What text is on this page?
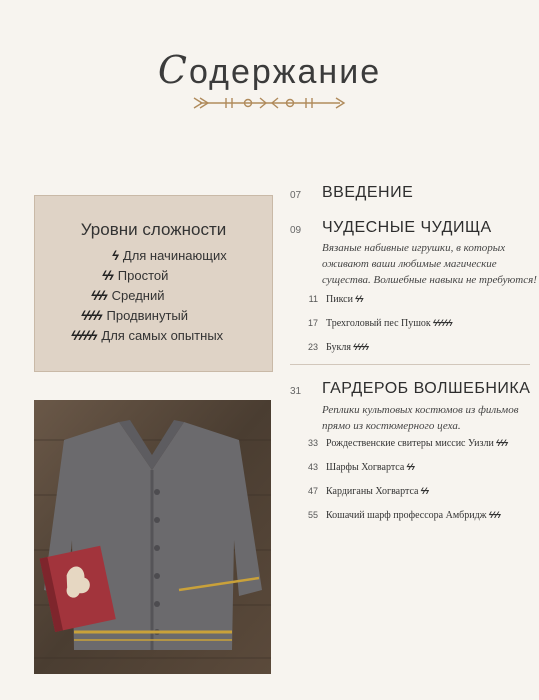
Содержание
Уровни сложности
ϟ Для начинающих
ϟϟ Простой
ϟϟϟ Средний
ϟϟϟϟ Продвинутый
ϟϟϟϟϟ Для самых опытных
07 ВВЕДЕНИЕ
09 ЧУДЕСНЫЕ ЧУДИЩА
Вязаные набивные игрушки, в которых оживают ваши любимые магические существа. Волшебные навыки не требуются!
11 Пикси ϟϟ
17 Трехголовый пес Пушок ϟϟϟϟϟ
23 Букля ϟϟϟϟ
31 ГАРДЕРОБ ВОЛШЕБНИКА
Реплики культовых костюмов из фильмов прямо из костюмерного цеха.
33 Рождественские свитеры миссис Уизли ϟϟϟ
43 Шарфы Хогвартса ϟϟ
47 Кардиганы Хогвартса ϟϟ
55 Кошачий шарф профессора Амбридж ϟϟϟ
